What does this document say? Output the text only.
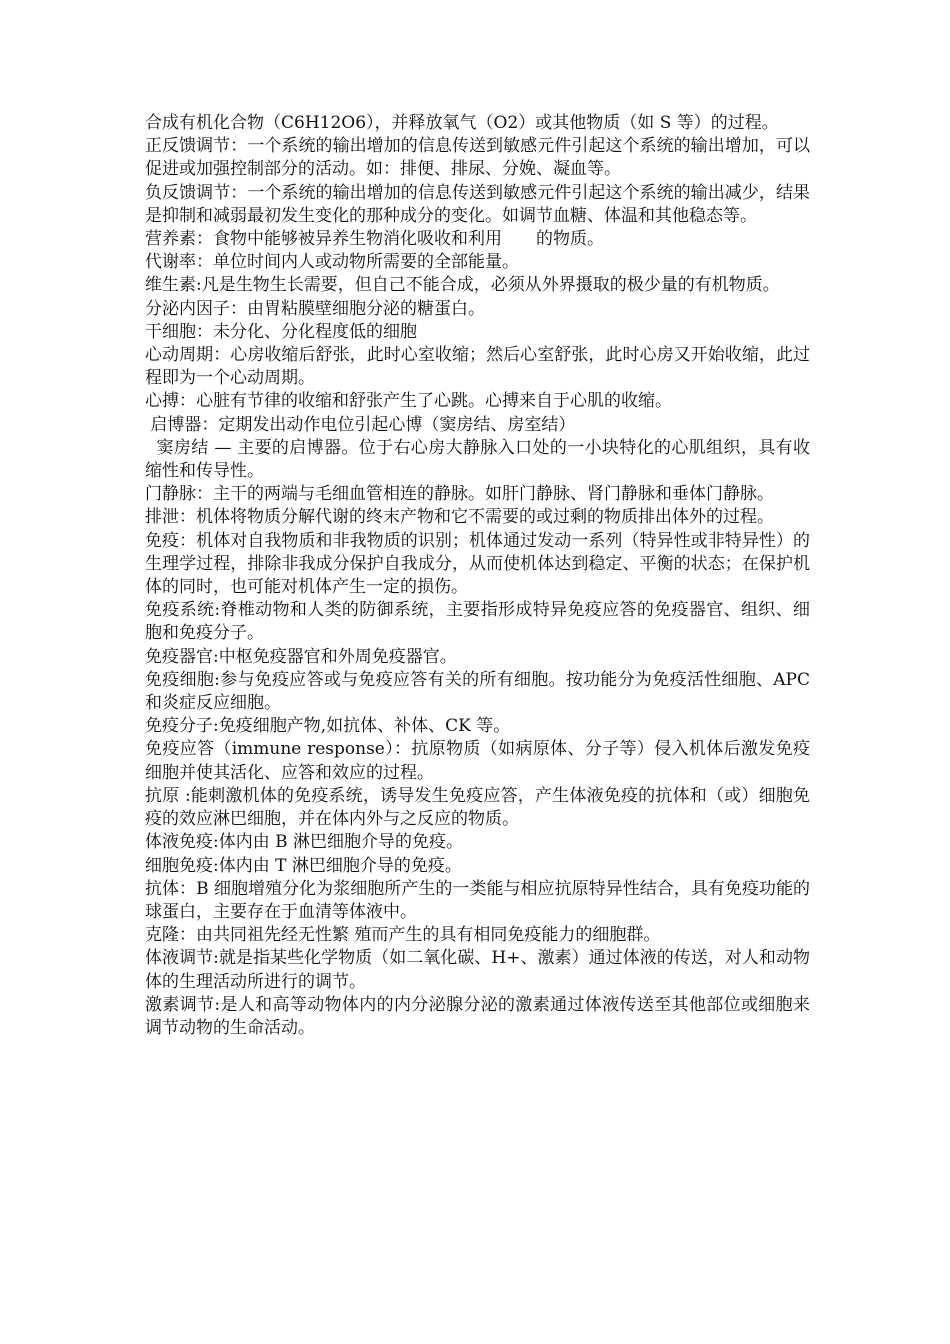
合成有机化合物（C6H12O6），并释放氧气（O2）或其他物质（如 S 等）的过程。

正反馈调节：一个系统的输出增加的信息传送到敏感元件引起这个系统的输出增加，可以促进或加强控制部分的活动。如：排便、排尿、分娩、凝血等。

负反馈调节：一个系统的输出增加的信息传送到敏感元件引起这个系统的输出减少，结果是抑制和减弱最初发生变化的那种成分的变化。如调节血糖、体温和其他稳态等。

营养素：食物中能够被异养生物消化吸收和利用　　的物质。

代谢率：单位时间内人或动物所需要的全部能量。

维生素:凡是生物生长需要，但自己不能合成，必须从外界摄取的极少量的有机物质。

分泌内因子：由胃粘膜壁细胞分泌的糖蛋白。

干细胞：未分化、分化程度低的细胞

心动周期：心房收缩后舒张，此时心室收缩；然后心室舒张，此时心房又开始收缩，此过程即为一个心动周期。

心搏：心脏有节律的收缩和舒张产生了心跳。心搏来自于心肌的收缩。

启博器：定期发出动作电位引起心博（窦房结、房室结）

窦房结 — 主要的启博器。位于右心房大静脉入口处的一小块特化的心肌组织，具有收缩性和传导性。

门静脉：主干的两端与毛细血管相连的静脉。如肝门静脉、肾门静脉和垂体门静脉。

排泄：机体将物质分解代谢的终末产物和它不需要的或过剩的物质排出体外的过程。

免疫：机体对自我物质和非我物质的识别；机体通过发动一系列（特异性或非特异性）的生理学过程，排除非我成分保护自我成分，从而使机体达到稳定、平衡的状态；在保护机体的同时，也可能对机体产生一定的损伤。

免疫系统:脊椎动物和人类的防御系统，主要指形成特异免疫应答的免疫器官、组织、细胞和免疫分子。

免疫器官:中枢免疫器官和外周免疫器官。

免疫细胞:参与免疫应答或与免疫应答有关的所有细胞。按功能分为免疫活性细胞、APC 和炎症反应细胞。

免疫分子:免疫细胞产物,如抗体、补体、CK 等。

免疫应答（immune response）：抗原物质（如病原体、分子等）侵入机体后激发免疫细胞并使其活化、应答和效应的过程。

抗原 :能刺激机体的免疫系统，诱导发生免疫应答，产生体液免疫的抗体和（或）细胞免疫的效应淋巴细胞，并在体内外与之反应的物质。

体液免疫:体内由 B 淋巴细胞介导的免疫。

细胞免疫:体内由 T 淋巴细胞介导的免疫。

抗体：B 细胞增殖分化为浆细胞所产生的一类能与相应抗原特异性结合，具有免疫功能的球蛋白，主要存在于血清等体液中。

克隆：由共同祖先经无性繁 殖而产生的具有相同免疫能力的细胞群。

体液调节:就是指某些化学物质（如二氧化碳、H+、激素）通过体液的传送，对人和动物体的生理活动所进行的调节。

激素调节:是人和高等动物体内的内分泌腺分泌的激素通过体液传送至其他部位或细胞来调节动物的生命活动。
